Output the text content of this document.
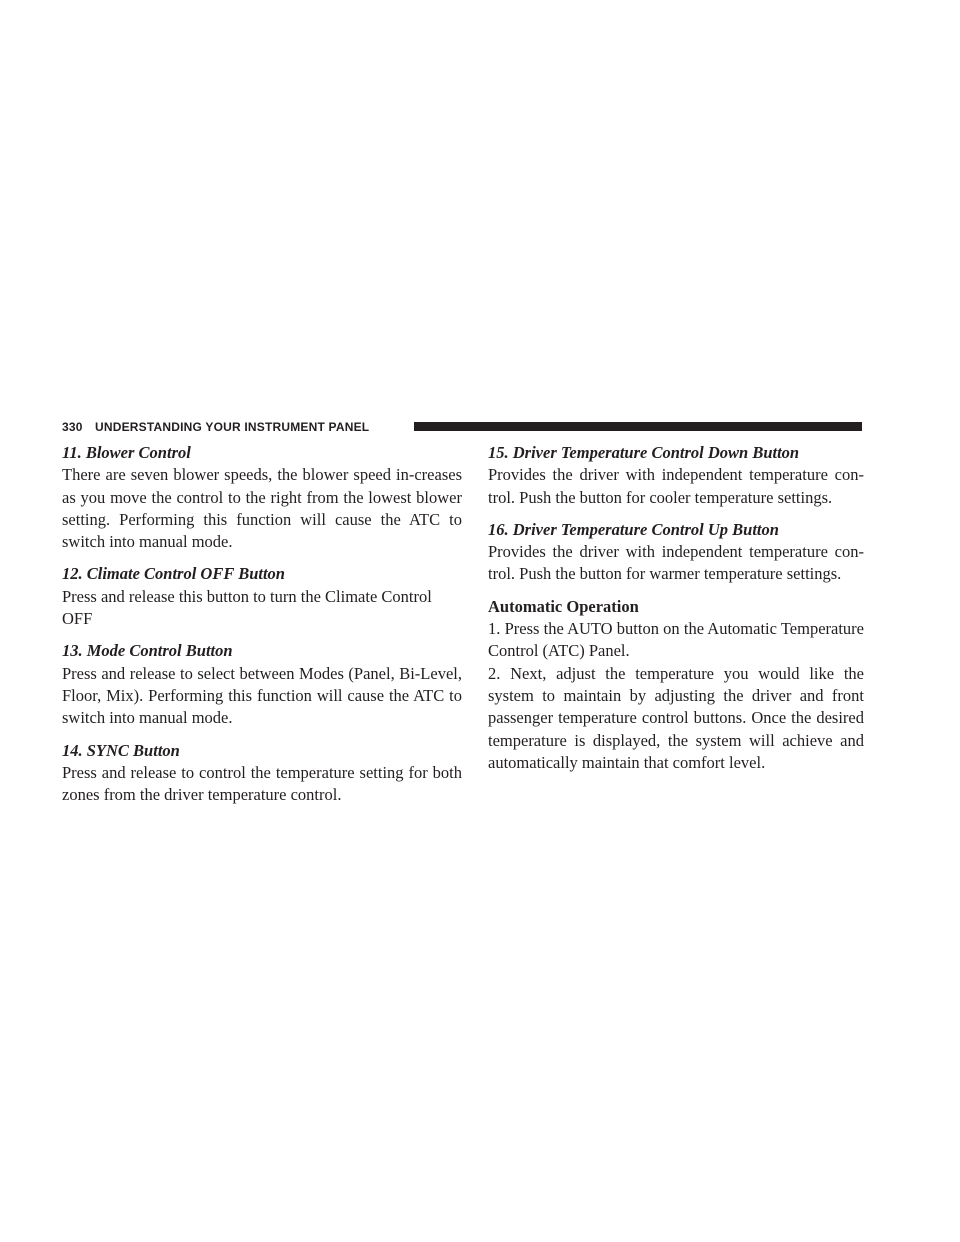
330 UNDERSTANDING YOUR INSTRUMENT PANEL

11. Blower Control

There are seven blower speeds, the blower speed in-creases as you move the control to the right from the lowest blower setting. Performing this function will cause the ATC to switch into manual mode.

12. Climate Control OFF Button

Press and release this button to turn the Climate Control OFF

13. Mode Control Button

Press and release to select between Modes (Panel, Bi-Level, Floor, Mix). Performing this function will cause the ATC to switch into manual mode.

14. SYNC Button

Press and release to control the temperature setting for both zones from the driver temperature control.

15. Driver Temperature Control Down Button

Provides the driver with independent temperature con-trol. Push the button for cooler temperature settings.

16. Driver Temperature Control Up Button

Provides the driver with independent temperature con-trol. Push the button for warmer temperature settings.

Automatic Operation

1. Press the AUTO button on the Automatic Temperature Control (ATC) Panel.

2. Next, adjust the temperature you would like the system to maintain by adjusting the driver and front passenger temperature control buttons. Once the desired temperature is displayed, the system will achieve and automatically maintain that comfort level.
